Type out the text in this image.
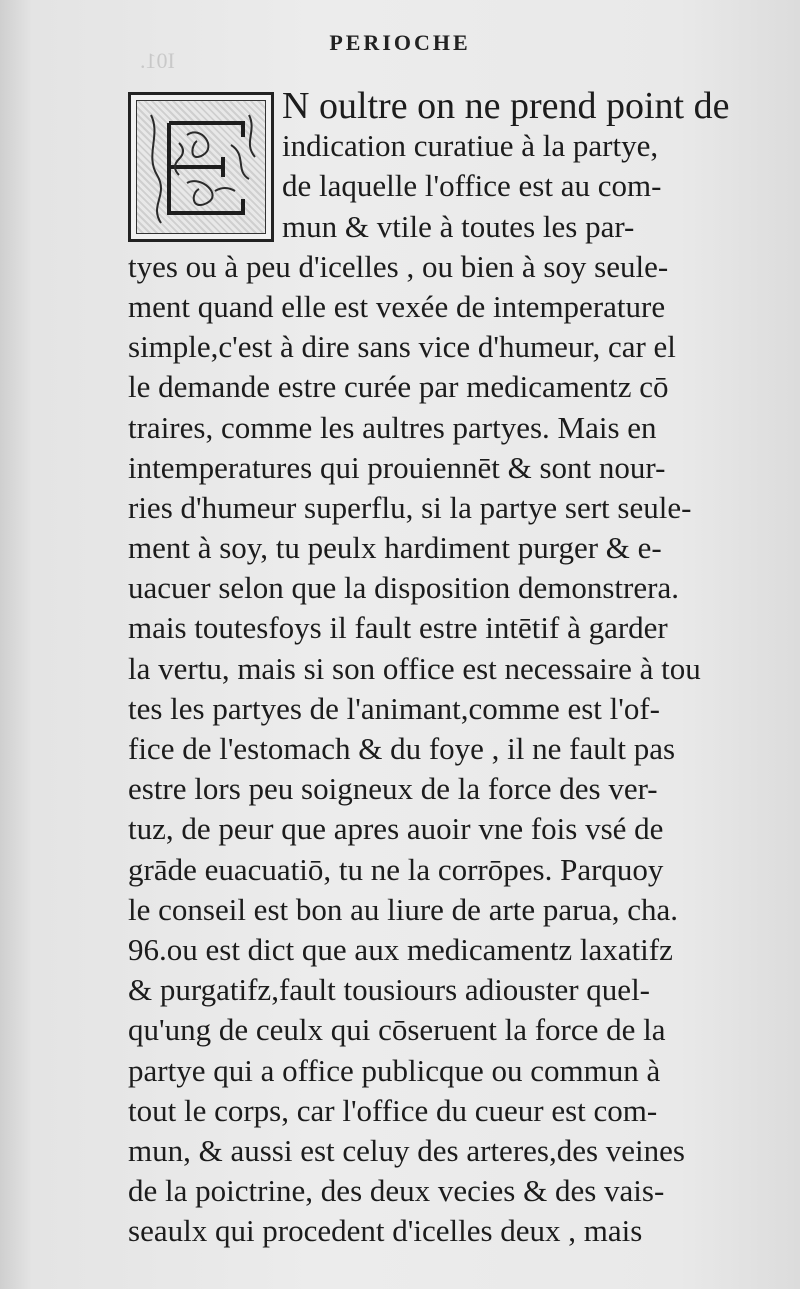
Ι01.
PERIOCHE
N oultre on ne prend point de
indication curatiue à la partye,
de laquelle l'office est au com-
mun & vtile à toutes les par-
tyes ou à peu d'icelles , ou bien à soy seule-
ment quand elle est vexée de intemperature
simple,c'est à dire sans vice d'humeur, car el
le demande estre curée par medicamentz cō
traires, comme les aultres partyes. Mais en
intemperatures qui prouiennēt & sont nour-
ries d'humeur superflu, si la partye sert seule-
ment à soy, tu peulx hardiment purger & e-
uacuer selon que la disposition demonstrera.
mais toutesfoys il fault estre intētif à garder
la vertu, mais si son office est necessaire à tou
tes les partyes de l'animant,comme est l'of-
fice de l'estomach & du foye , il ne fault pas
estre lors peu soigneux de la force des ver-
tuz, de peur que apres auoir vne fois vsé de
grāde euacuatiō, tu ne la corrōpes. Parquoy
le conseil est bon au liure de arte parua, cha.
96.ou est dict que aux medicamentz laxatifz
& purgatifz,fault tousiours adiouster quel-
qu'ung de ceulx qui cōseruent la force de la
partye qui a office publicque ou commun à
tout le corps, car l'office du cueur est com-
mun, & aussi est celuy des arteres,des veines
de la poictrine, des deux vecies & des vais-
seaulx qui procedent d'icelles deux , mais
